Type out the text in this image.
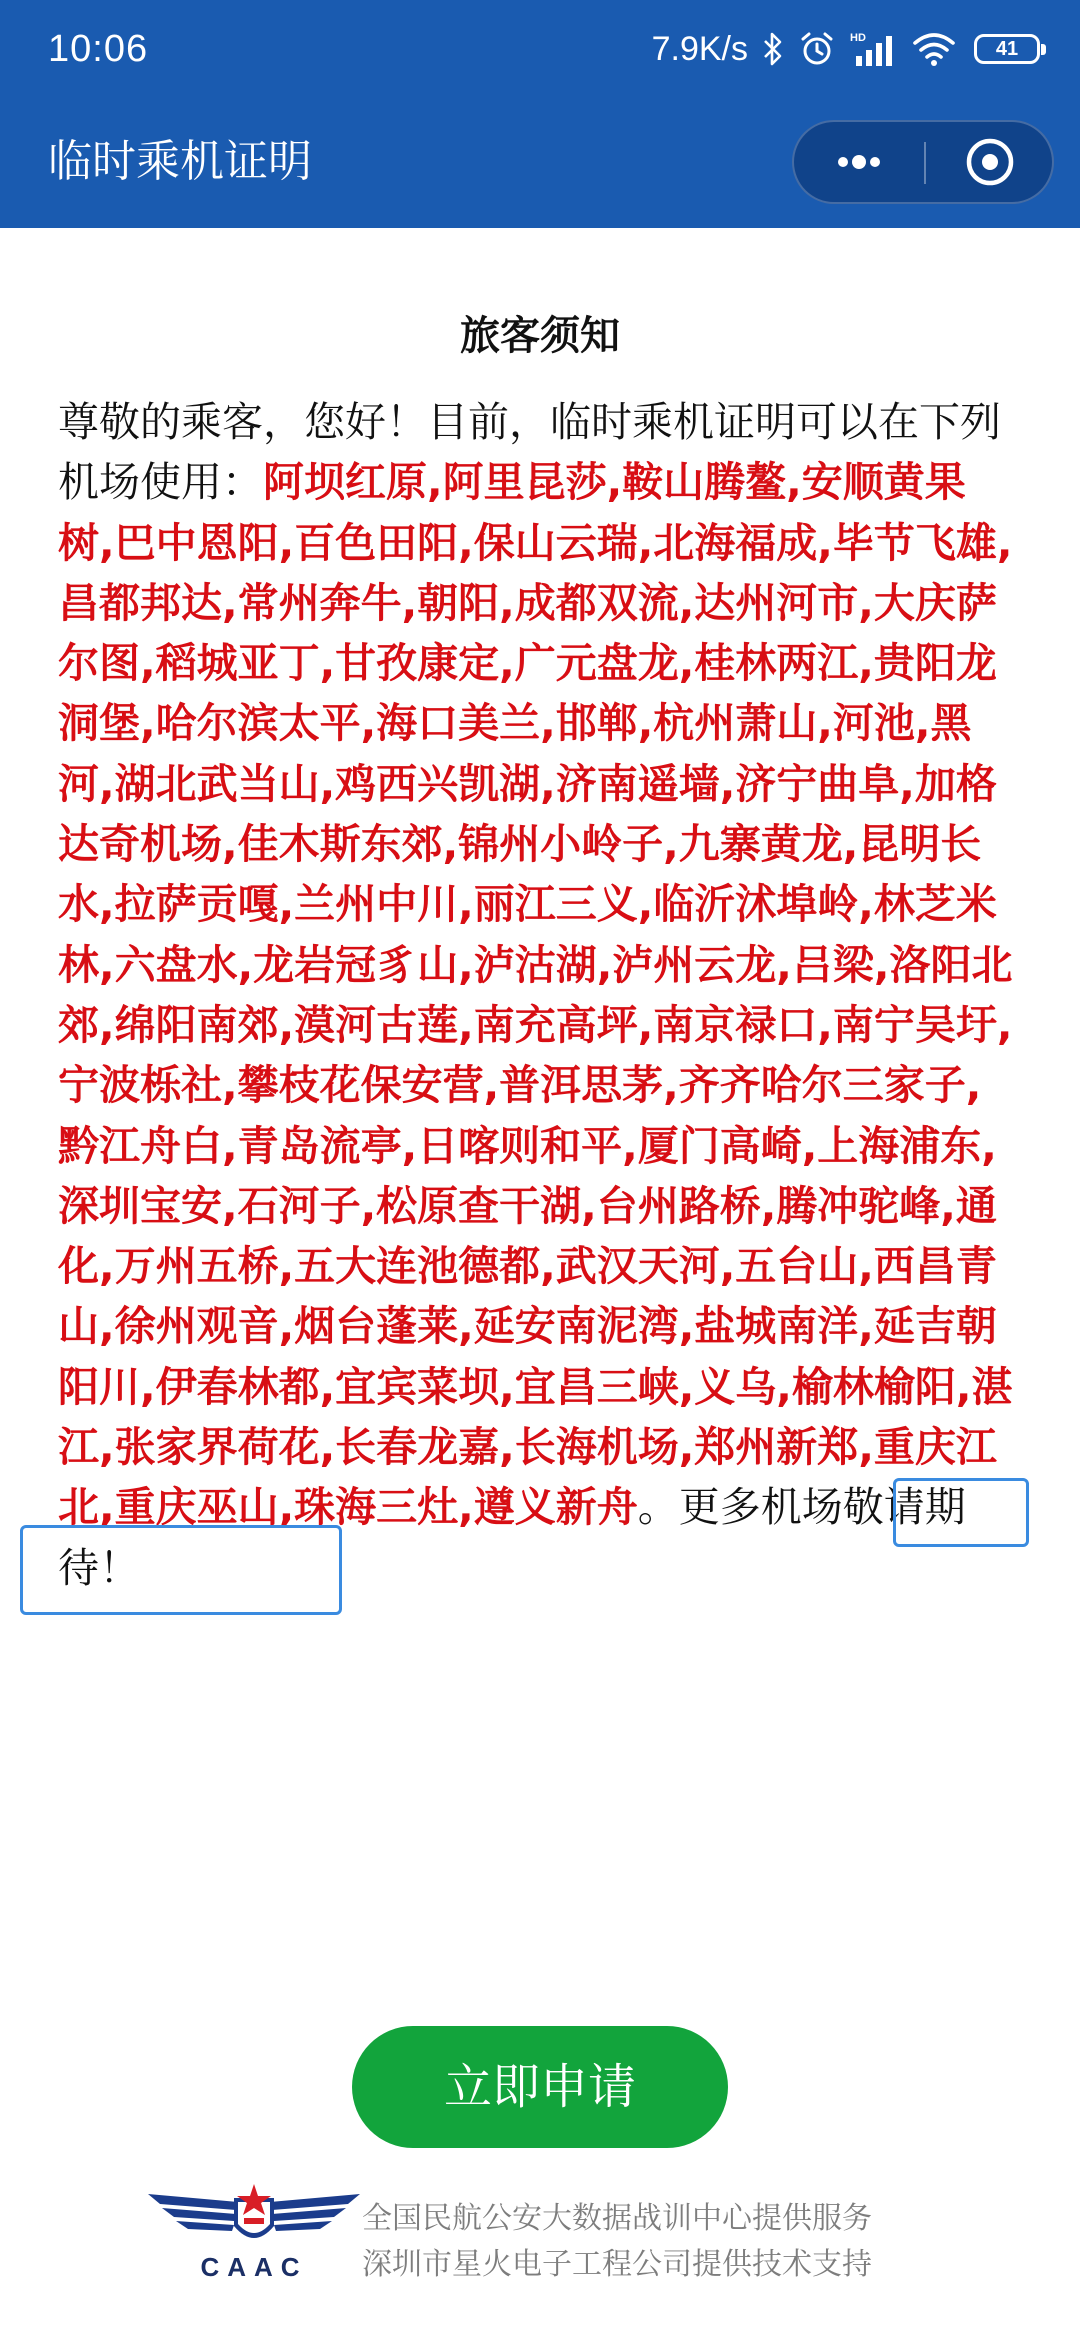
10:06	7.9K/s	HD	41
临时乘机证明
旅客须知
尊敬的乘客，您好！目前，临时乘机证明可以在下列机场使用：阿坝红原,阿里昆莎,鞍山腾鳌,安顺黄果树,巴中恩阳,百色田阳,保山云瑞,北海福成,毕节飞雄,昌都邦达,常州奔牛,朝阳,成都双流,达州河市,大庆萨尔图,稻城亚丁,甘孜康定,广元盘龙,桂林两江,贵阳龙洞堡,哈尔滨太平,海口美兰,邯郸,杭州萧山,河池,黑河,湖北武当山,鸡西兴凯湖,济南遥墙,济宁曲阜,加格达奇机场,佳木斯东郊,锦州小岭子,九寨黄龙,昆明长水,拉萨贡嘎,兰州中川,丽江三义,临沂沭埠岭,林芝米林,六盘水,龙岩冠豸山,泸沽湖,泸州云龙,吕梁,洛阳北郊,绵阳南郊,漠河古莲,南充高坪,南京禄口,南宁吴圩,宁波栎社,攀枝花保安营,普洱思茅,齐齐哈尔三家子,黔江舟白,青岛流亭,日喀则和平,厦门高崎,上海浦东,深圳宝安,石河子,松原查干湖,台州路桥,腾冲驼峰,通化,万州五桥,五大连池德都,武汉天河,五台山,西昌青山,徐州观音,烟台蓬莱,延安南泥湾,盐城南洋,延吉朝阳川,伊春林都,宜宾菜坝,宜昌三峡,义乌,榆林榆阳,湛江,张家界荷花,长春龙嘉,长海机场,郑州新郑,重庆江北,重庆巫山,珠海三灶,遵义新舟。更多机场敬请期待！
立即申请
CAAC
全国民航公安大数据战训中心提供服务
深圳市星火电子工程公司提供技术支持
